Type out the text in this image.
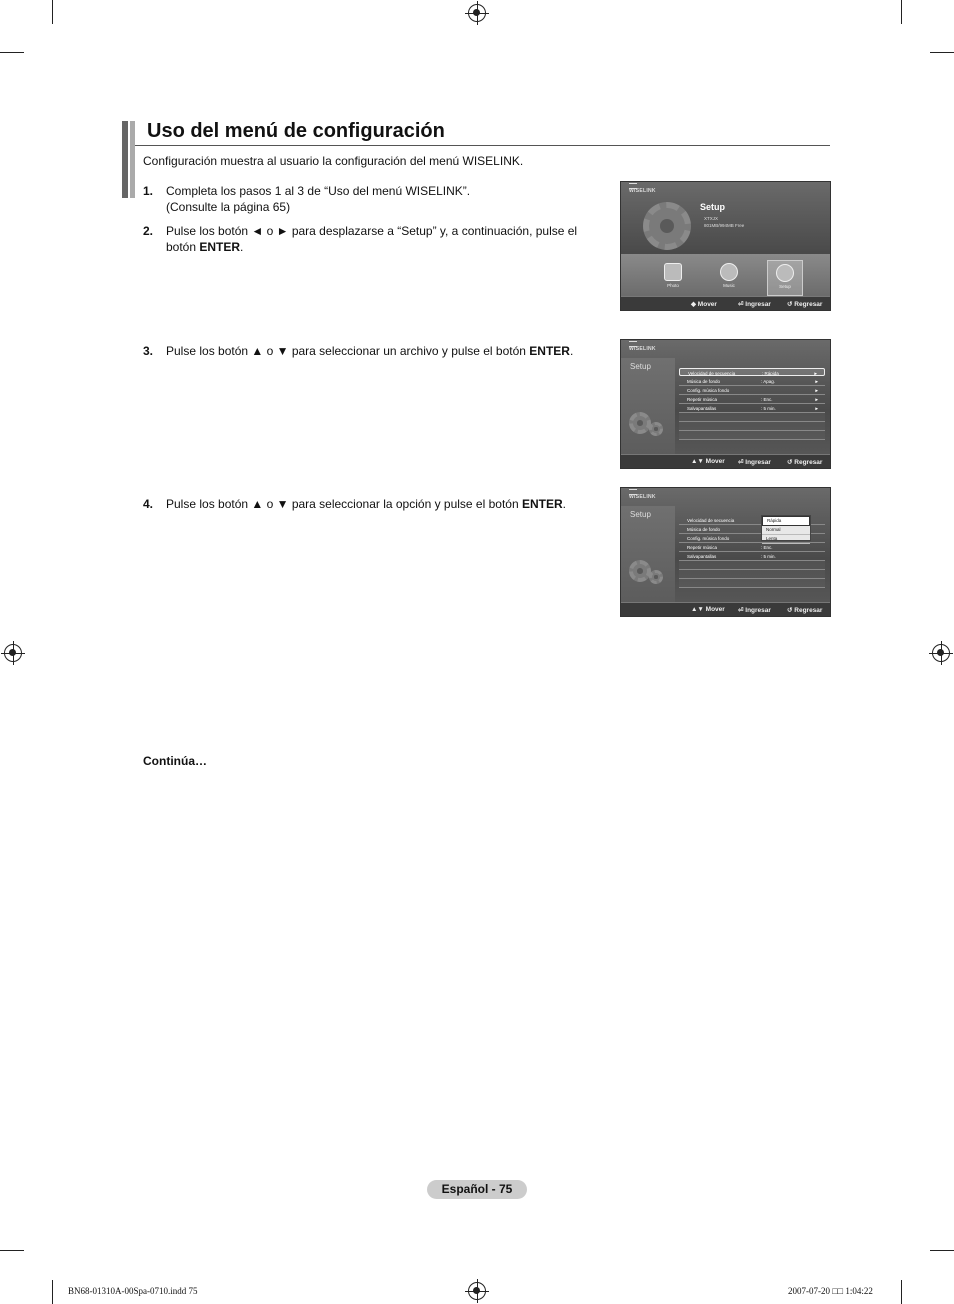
Uso del menú de configuración
Configuración muestra al usuario la configuración del menú WISELINK.
1. Completa los pasos 1 al 3 de “Uso del menú WISELINK”.
(Consulte la página 65)
2. Pulse los botón ◄ o ► para desplazarse a “Setup” y, a continuación, pulse el botón ENTER.
3. Pulse los botón ▲ o ▼ para seleccionar un archivo y pulse el botón ENTER.
4. Pulse los botón ▲ o ▼ para seleccionar la opción y pulse el botón ENTER.
WISELINK
Setup
XTXJX
801MB/994MB Free
Photo	Music	Setup
◆ Mover	⏎ Ingresar ↺ Regresar
WISELINK
Setup
Velocidad de secuencia	: Rápida	►
Música de fondo	: Apag.	►
Config. música fondo	►
Repetir música	: Enc.	►
Salvapantallas	: 5 min.	►
▲▼ Mover ⏎ Ingresar ↺ Regresar
WISELINK
Setup
Velocidad de secuencia
Música de fondo
Config. música fondo
Repetir música	: Enc.
Salvapantallas	: 5 min.
Rápida
Normal
Lenta
▲▼ Mover ⏎ Ingresar ↺ Regresar
Continúa…
Español - 75
BN68-01310A-00Spa-0710.indd 75	2007-07-20 □□ 1:04:22
